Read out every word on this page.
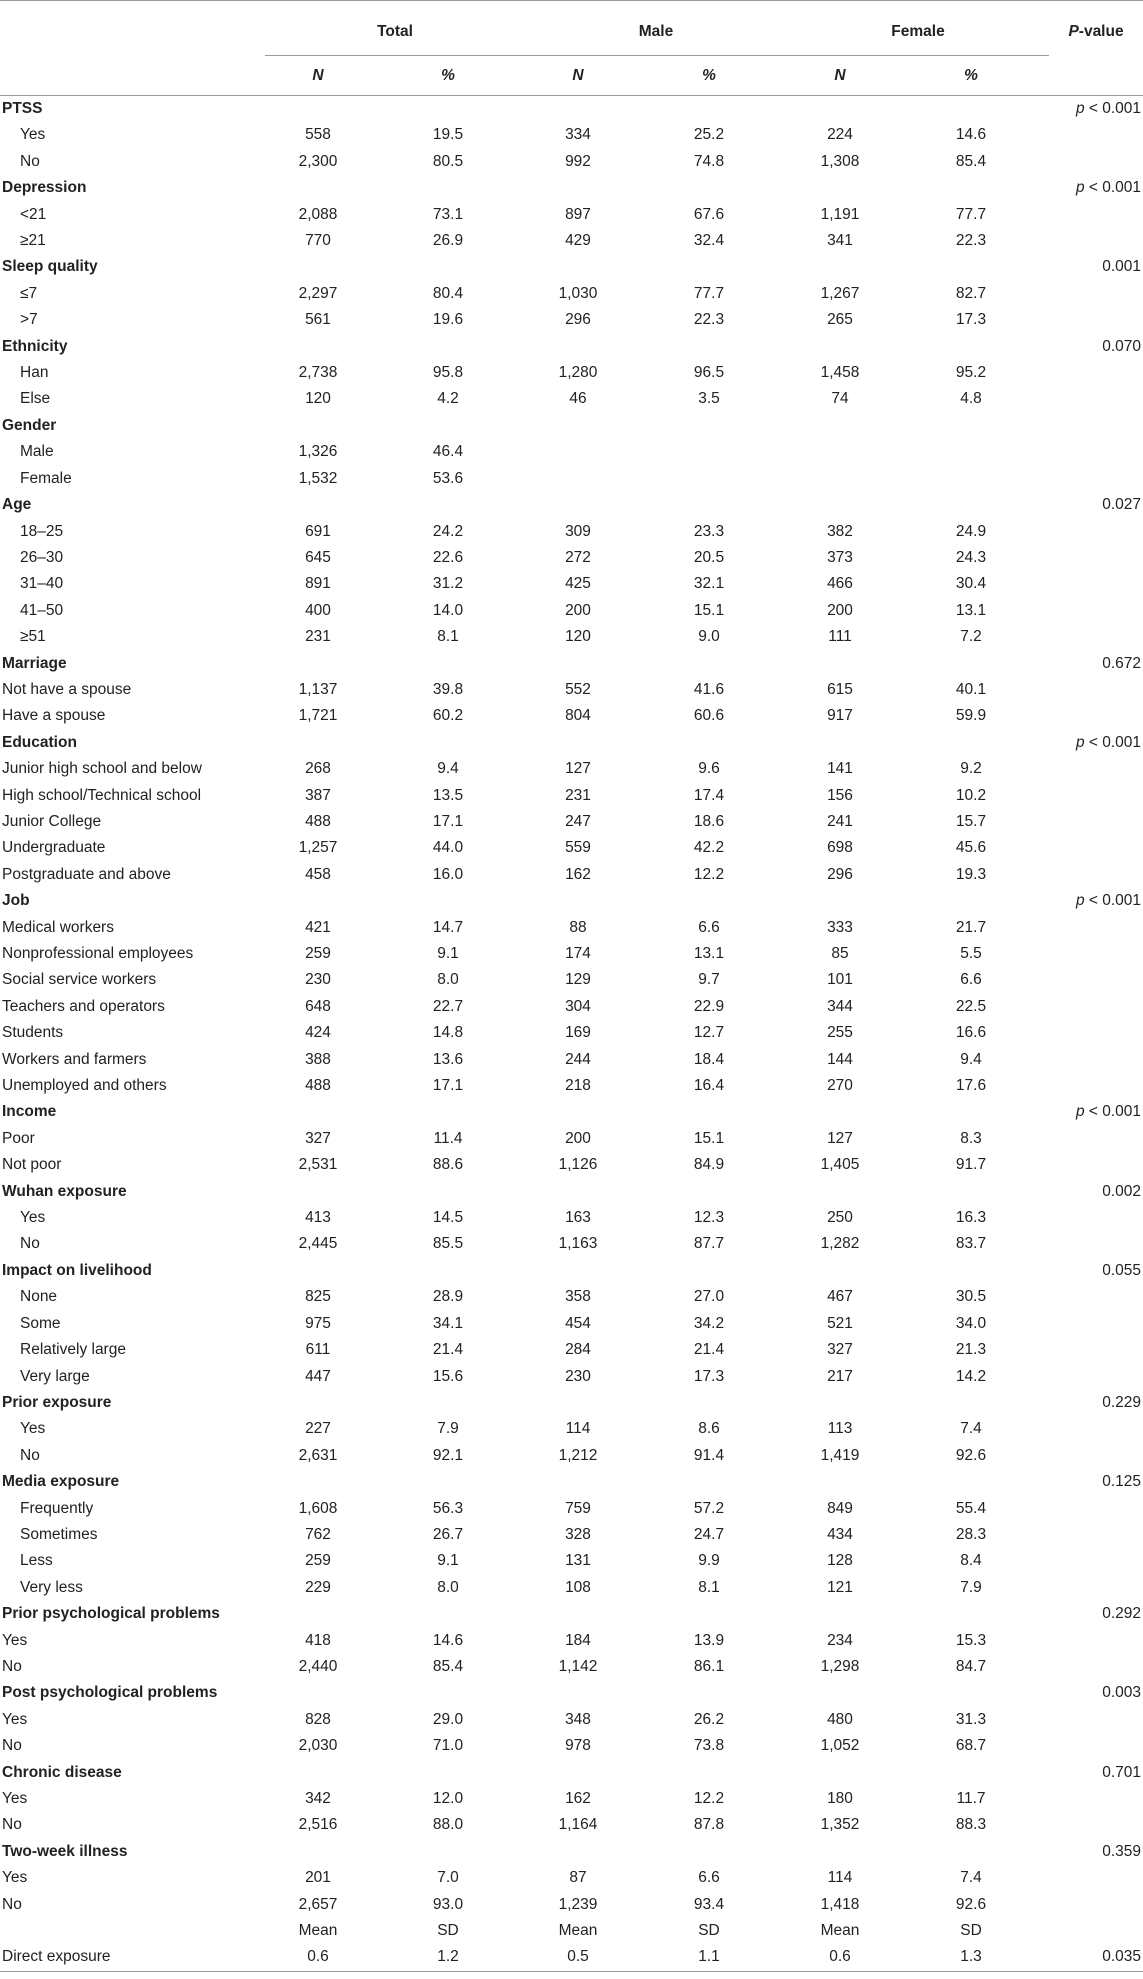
	Total		Male		Female		P-value
	N	%	N	%	N	%	
PTSS							p < 0.001
Yes	558	19.5	334	25.2	224	14.6	
No	2,300	80.5	992	74.8	1,308	85.4	
Depression							p < 0.001
<21	2,088	73.1	897	67.6	1,191	77.7	
≥21	770	26.9	429	32.4	341	22.3	
Sleep quality							0.001
≤7	2,297	80.4	1,030	77.7	1,267	82.7	
>7	561	19.6	296	22.3	265	17.3	
Ethnicity							0.070
Han	2,738	95.8	1,280	96.5	1,458	95.2	
Else	120	4.2	46	3.5	74	4.8	
Gender							
Male	1,326	46.4					
Female	1,532	53.6					
Age							0.027
18–25	691	24.2	309	23.3	382	24.9	
26–30	645	22.6	272	20.5	373	24.3	
31–40	891	31.2	425	32.1	466	30.4	
41–50	400	14.0	200	15.1	200	13.1	
≥51	231	8.1	120	9.0	111	7.2	
Marriage							0.672
Not have a spouse	1,137	39.8	552	41.6	615	40.1	
Have a spouse	1,721	60.2	804	60.6	917	59.9	
Education							p < 0.001
Junior high school and below	268	9.4	127	9.6	141	9.2	
High school/Technical school	387	13.5	231	17.4	156	10.2	
Junior College	488	17.1	247	18.6	241	15.7	
Undergraduate	1,257	44.0	559	42.2	698	45.6	
Postgraduate and above	458	16.0	162	12.2	296	19.3	
Job							p < 0.001
Medical workers	421	14.7	88	6.6	333	21.7	
Nonprofessional employees	259	9.1	174	13.1	85	5.5	
Social service workers	230	8.0	129	9.7	101	6.6	
Teachers and operators	648	22.7	304	22.9	344	22.5	
Students	424	14.8	169	12.7	255	16.6	
Workers and farmers	388	13.6	244	18.4	144	9.4	
Unemployed and others	488	17.1	218	16.4	270	17.6	
Income							p < 0.001
Poor	327	11.4	200	15.1	127	8.3	
Not poor	2,531	88.6	1,126	84.9	1,405	91.7	
Wuhan exposure							0.002
Yes	413	14.5	163	12.3	250	16.3	
No	2,445	85.5	1,163	87.7	1,282	83.7	
Impact on livelihood							0.055
None	825	28.9	358	27.0	467	30.5	
Some	975	34.1	454	34.2	521	34.0	
Relatively large	611	21.4	284	21.4	327	21.3	
Very large	447	15.6	230	17.3	217	14.2	
Prior exposure							0.229
Yes	227	7.9	114	8.6	113	7.4	
No	2,631	92.1	1,212	91.4	1,419	92.6	
Media exposure							0.125
Frequently	1,608	56.3	759	57.2	849	55.4	
Sometimes	762	26.7	328	24.7	434	28.3	
Less	259	9.1	131	9.9	128	8.4	
Very less	229	8.0	108	8.1	121	7.9	
Prior psychological problems							0.292
Yes	418	14.6	184	13.9	234	15.3	
No	2,440	85.4	1,142	86.1	1,298	84.7	
Post psychological problems							0.003
Yes	828	29.0	348	26.2	480	31.3	
No	2,030	71.0	978	73.8	1,052	68.7	
Chronic disease							0.701
Yes	342	12.0	162	12.2	180	11.7	
No	2,516	88.0	1,164	87.8	1,352	88.3	
Two-week illness							0.359
Yes	201	7.0	87	6.6	114	7.4	
No	2,657	93.0	1,239	93.4	1,418	92.6	
	Mean	SD	Mean	SD	Mean	SD	
Direct exposure	0.6	1.2	0.5	1.1	0.6	1.3	0.035
